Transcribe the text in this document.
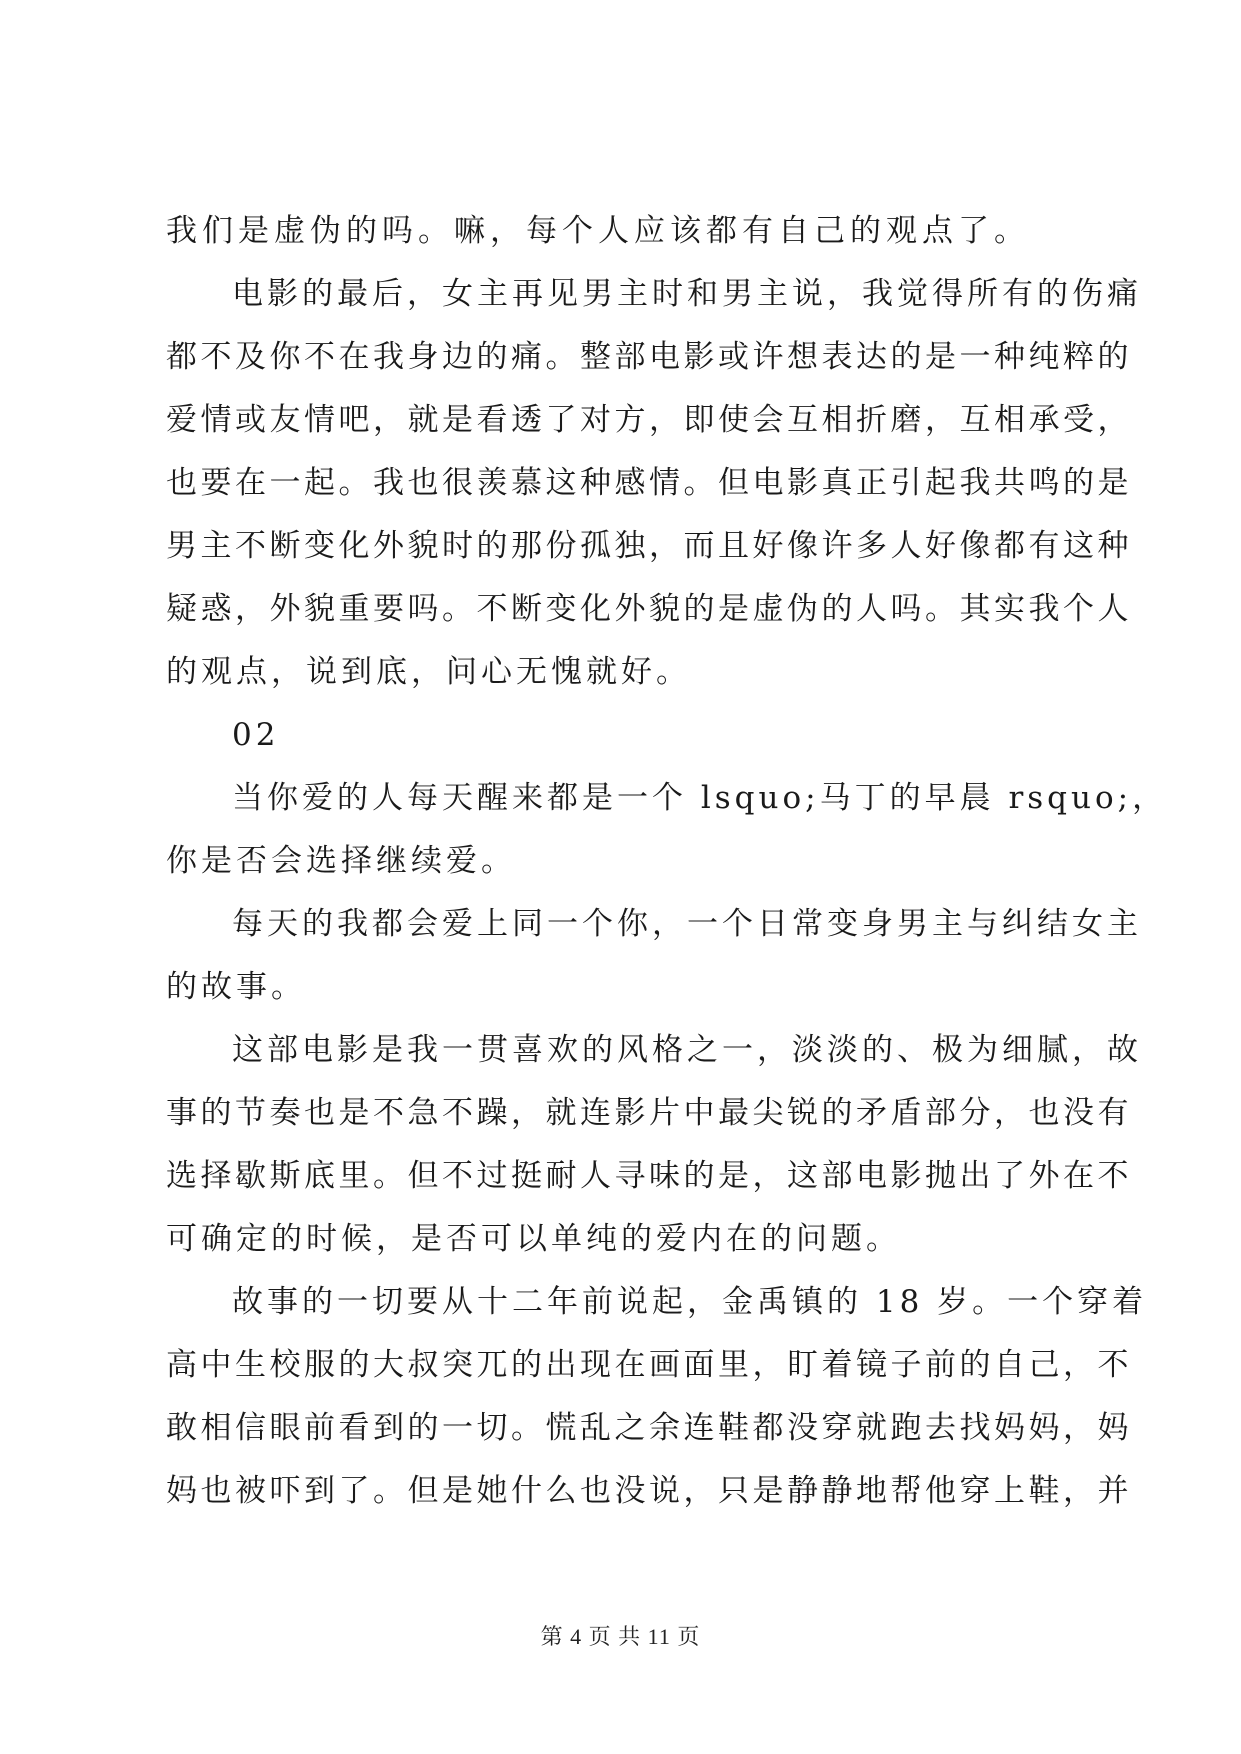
我们是虚伪的吗。嘛，每个人应该都有自己的观点了。

电影的最后，女主再见男主时和男主说，我觉得所有的伤痛
都不及你不在我身边的痛。整部电影或许想表达的是一种纯粹的
爱情或友情吧，就是看透了对方，即使会互相折磨，互相承受，
也要在一起。我也很羡慕这种感情。但电影真正引起我共鸣的是
男主不断变化外貌时的那份孤独，而且好像许多人好像都有这种
疑惑，外貌重要吗。不断变化外貌的是虚伪的人吗。其实我个人
的观点，说到底，问心无愧就好。

02

当你爱的人每天醒来都是一个 lsquo;马丁的早晨 rsquo;，
你是否会选择继续爱。

每天的我都会爱上同一个你，一个日常变身男主与纠结女主
的故事。

这部电影是我一贯喜欢的风格之一，淡淡的、极为细腻，故
事的节奏也是不急不躁，就连影片中最尖锐的矛盾部分，也没有
选择歇斯底里。但不过挺耐人寻味的是，这部电影抛出了外在不
可确定的时候，是否可以单纯的爱内在的问题。

故事的一切要从十二年前说起，金禹镇的 18 岁。一个穿着
高中生校服的大叔突兀的出现在画面里，盯着镜子前的自己，不
敢相信眼前看到的一切。慌乱之余连鞋都没穿就跑去找妈妈，妈
妈也被吓到了。但是她什么也没说，只是静静地帮他穿上鞋，并

第 4 页 共 11 页
